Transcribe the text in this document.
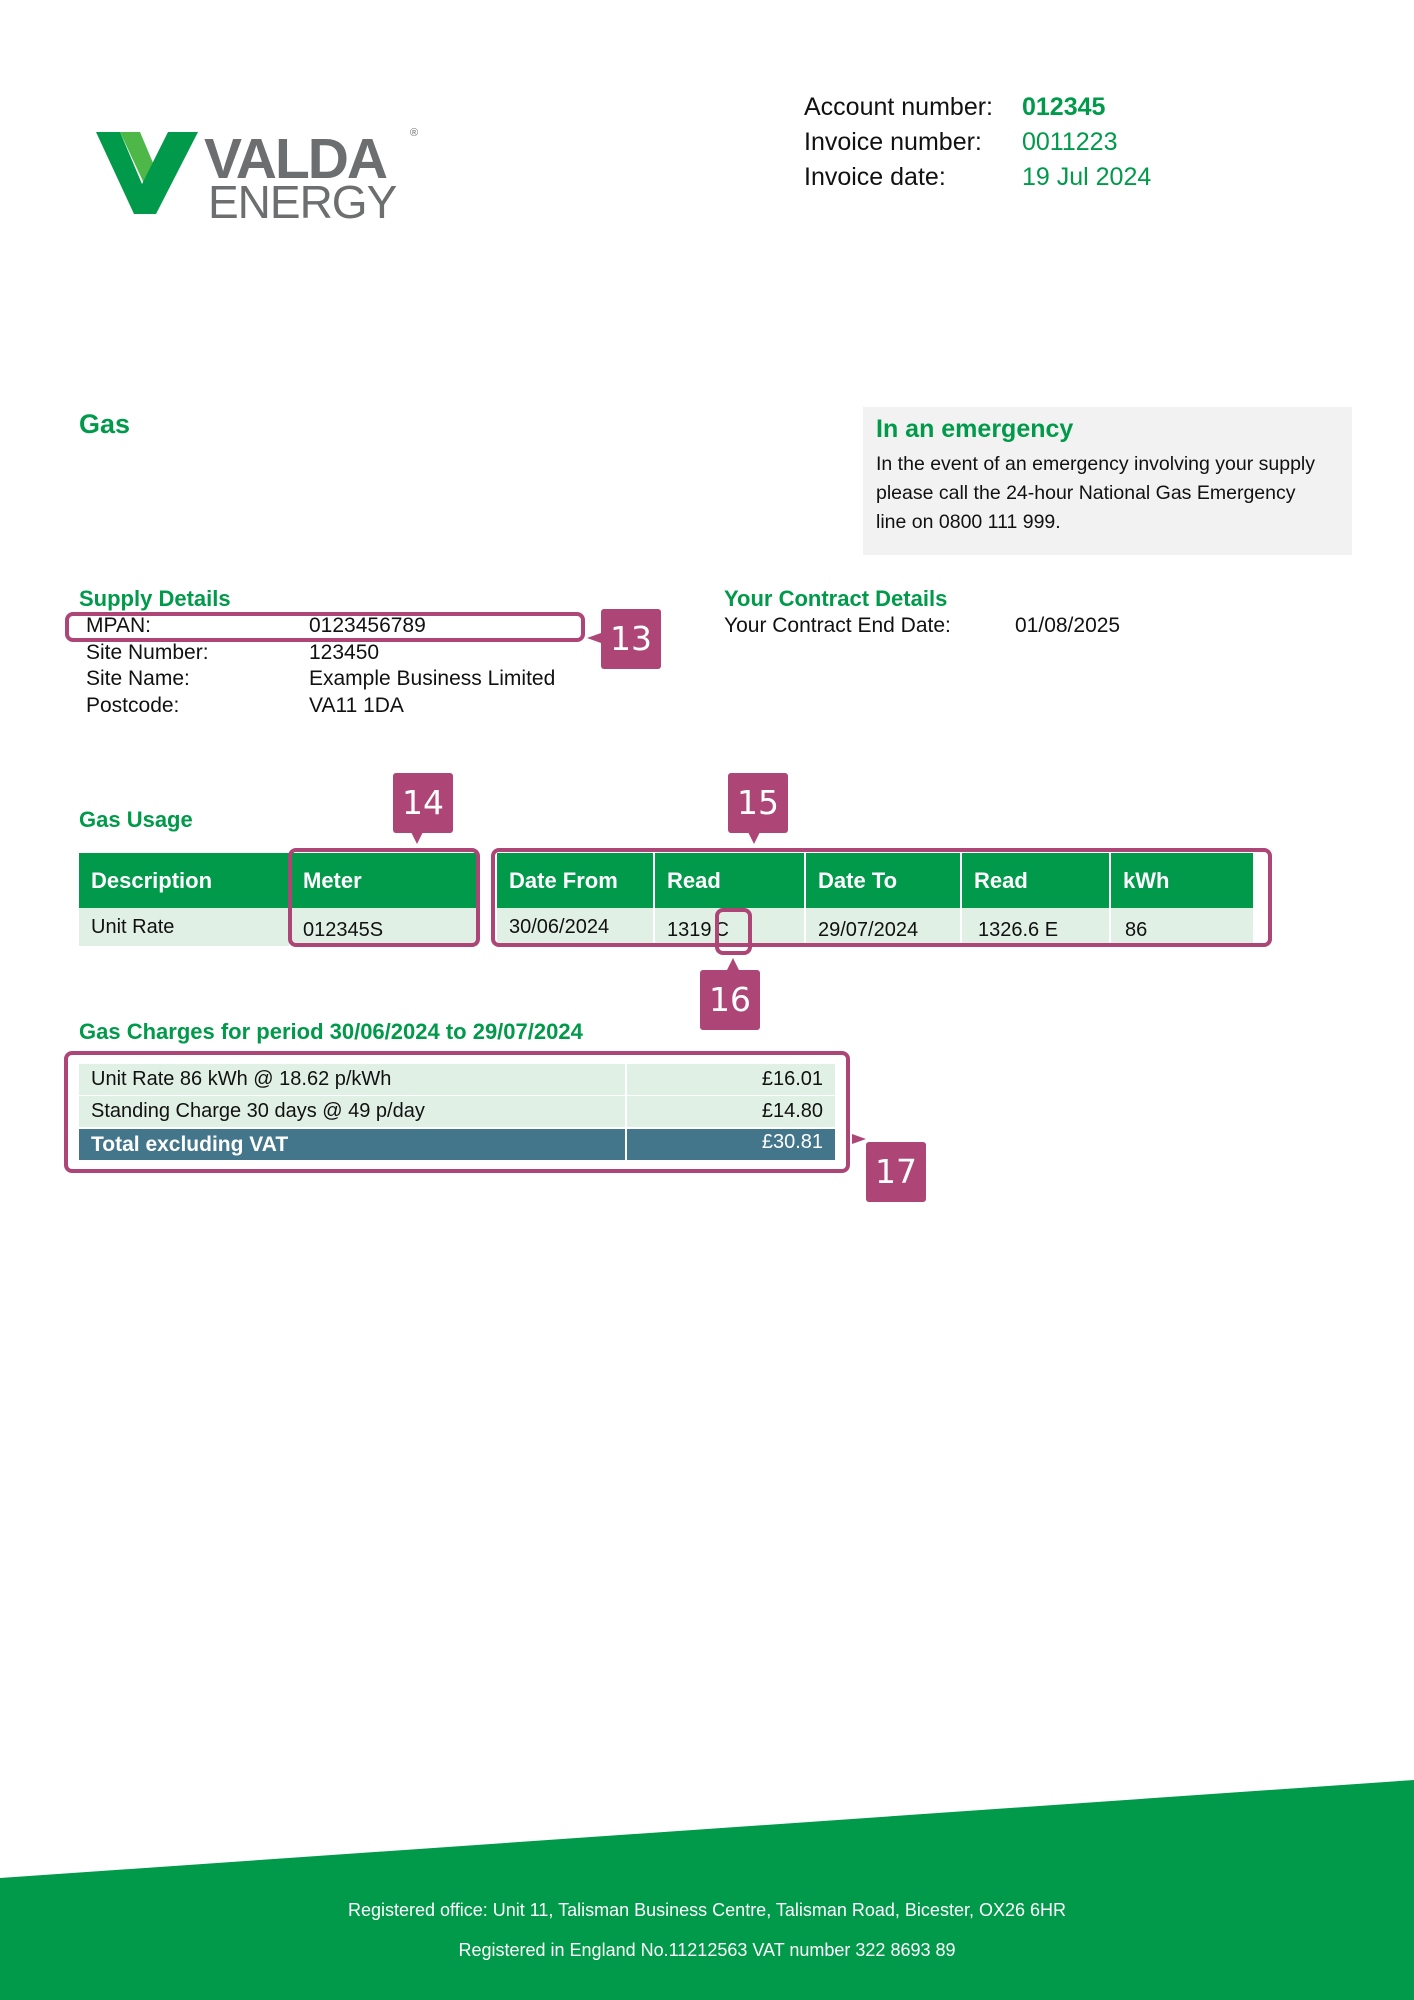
VALDA ®
ENERGY
Account number: 012345
Invoice number: 0011223
Invoice date:	19 Jul 2024
Gas	In an emergency
In the event of an emergency involving your supply please call the 24-hour National Gas Emergency line on 0800 111 999.
Supply Details
MPAN:	0123456789
Site Number:	123450
Site Name:	Example Business Limited
Postcode:	VA11 1DA
Your Contract Details
Your Contract End Date:	01/08/2025
Gas Usage
Description	Meter	Date From	Read	Date To	Read	kWh
Unit Rate	012345S	30/06/2024	1319 C	29/07/2024	1326.6 E	86
Gas Charges for period 30/06/2024 to 29/07/2024
Unit Rate 86 kWh @ 18.62 p/kWh	£16.01
Standing Charge 30 days @ 49 p/day	£14.80
Total excluding VAT	£30.81
13
14	15
16
17
Registered office: Unit 11, Talisman Business Centre, Talisman Road, Bicester, OX26 6HR
Registered in England No.11212563 VAT number 322 8693 89
